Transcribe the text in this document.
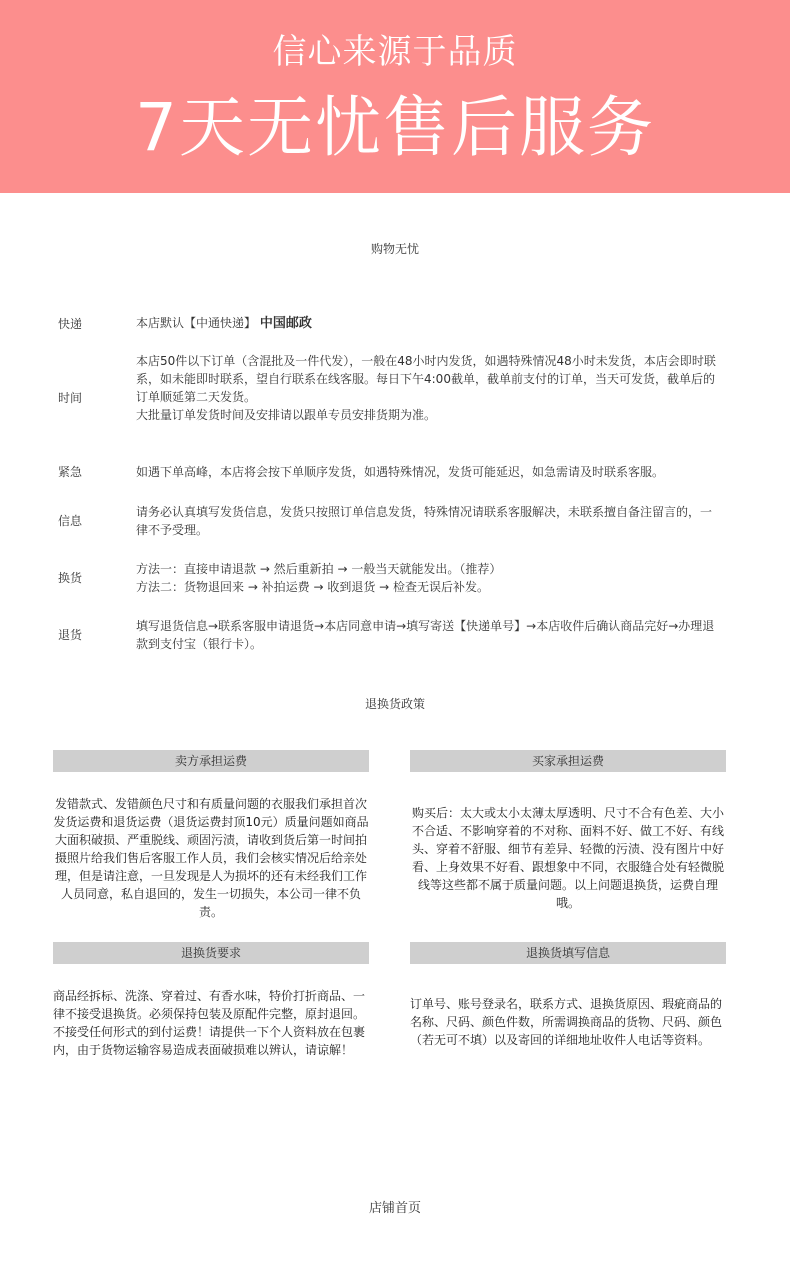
信心来源于品质
7天无忧售后服务
购物无忧
快递	本店默认【中通快递】 中国邮政
时间
本店50件以下订单（含混批及一件代发），一般在48小时内发货，如遇特殊情况48小时未发货，本店会即时联系，如未能即时联系，望自行联系在线客服。每日下午4:00截单，截单前支付的订单，当天可发货，截单后的订单顺延第二天发货。
大批量订单发货时间及安排请以跟单专员安排货期为准。
紧急	如遇下单高峰，本店将会按下单顺序发货，如遇特殊情况，发货可能延迟，如急需请及时联系客服。
信息
请务必认真填写发货信息，发货只按照订单信息发货，特殊情况请联系客服解决，未联系擅自备注留言的，一律不予受理。
换货
方法一：直接申请退款 → 然后重新拍 → 一般当天就能发出。（推荐）
方法二：货物退回来 → 补拍运费 → 收到退货 → 检查无误后补发。
退货
填写退货信息→联系客服申请退货→本店同意申请→填写寄送【快递单号】→本店收件后确认商品完好→办理退款到支付宝（银行卡）。
退换货政策
卖方承担运费
发错款式、发错颜色尺寸和有质量问题的衣服我们承担首次发货运费和退货运费（退货运费封顶10元）质量问题如商品大面积破损、严重脱线、顽固污渍，请收到货后第一时间拍摄照片给我们售后客服工作人员，我们会核实情况后给亲处理，但是请注意，一旦发现是人为损坏的还有未经我们工作人员同意，私自退回的，发生一切损失，本公司一律不负责。
买家承担运费
购买后：太大或太小太薄太厚透明、尺寸不合有色差、大小不合适、不影响穿着的不对称、面料不好、做工不好、有线头、穿着不舒服、细节有差异、轻微的污渍、没有图片中好看、上身效果不好看、跟想象中不同，衣服缝合处有轻微脱线等这些都不属于质量问题。以上问题退换货，运费自理哦。
退换货要求
商品经拆标、洗涤、穿着过、有香水味，特价打折商品、一律不接受退换货。必须保持包装及原配件完整，原封退回。不接受任何形式的到付运费！请提供一下个人资料放在包裹内，由于货物运输容易造成表面破损难以辨认，请谅解！
退换货填写信息
订单号、账号登录名，联系方式、退换货原因、瑕疵商品的名称、尺码、颜色件数，所需调换商品的货物、尺码、颜色（若无可不填）以及寄回的详细地址收件人电话等资料。
店铺首页
